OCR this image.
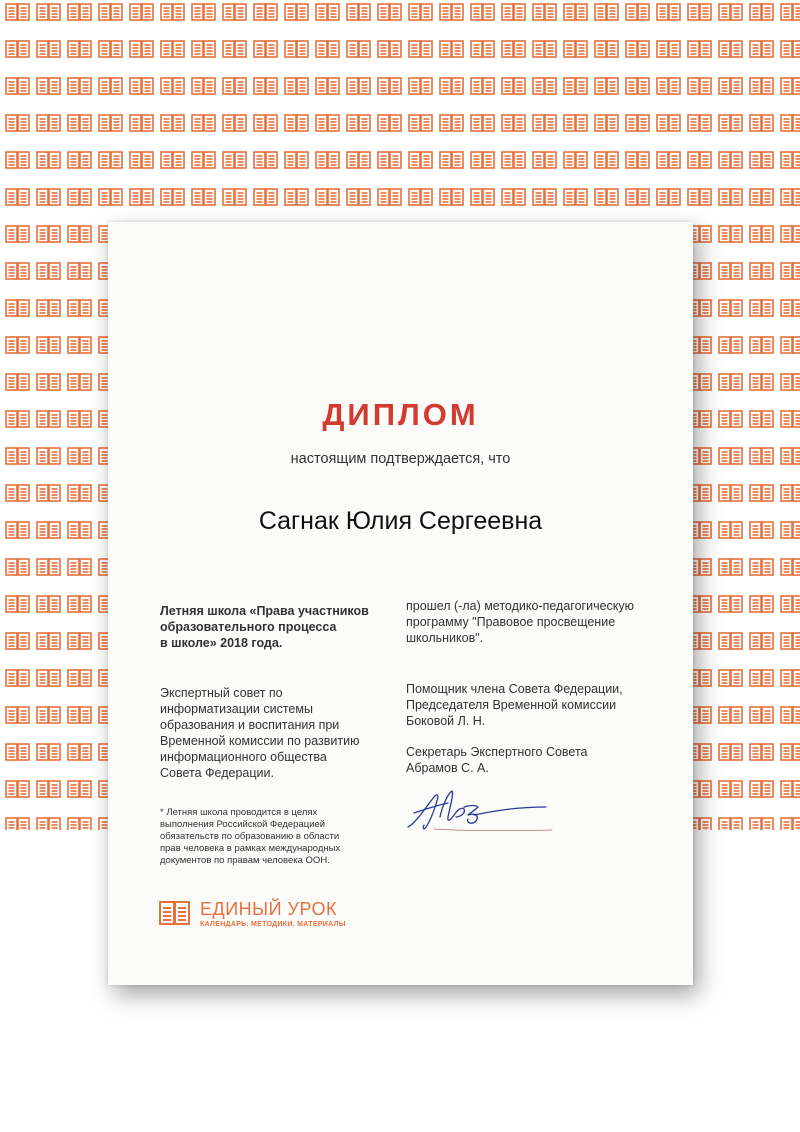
ДИПЛОМ
настоящим подтверждается, что
Сагнак Юлия Сергеевна
Летняя школа «Права участников
образовательного процесса
в школе» 2018 года.
Экспертный совет по
информатизации системы
образования и воспитания при
Временной комиссии по развитию
информационного общества
Совета Федерации.
* Летняя школа проводится в целях
выполнения Российской Федерацией
обязательств по образованию в области
прав человека в рамках международных
документов по правам человека ООН.
прошел (-ла) методико-педагогическую
программу "Правовое просвещение
школьников".
Помощник члена Совета Федерации,
Председателя Временной комиссии
Боковой Л. Н.
Секретарь Экспертного Совета
Абрамов С. А.
ЕДИНЫЙ УРОК
КАЛЕНДАРЬ. МЕТОДИКИ. МАТЕРИАЛЫ
